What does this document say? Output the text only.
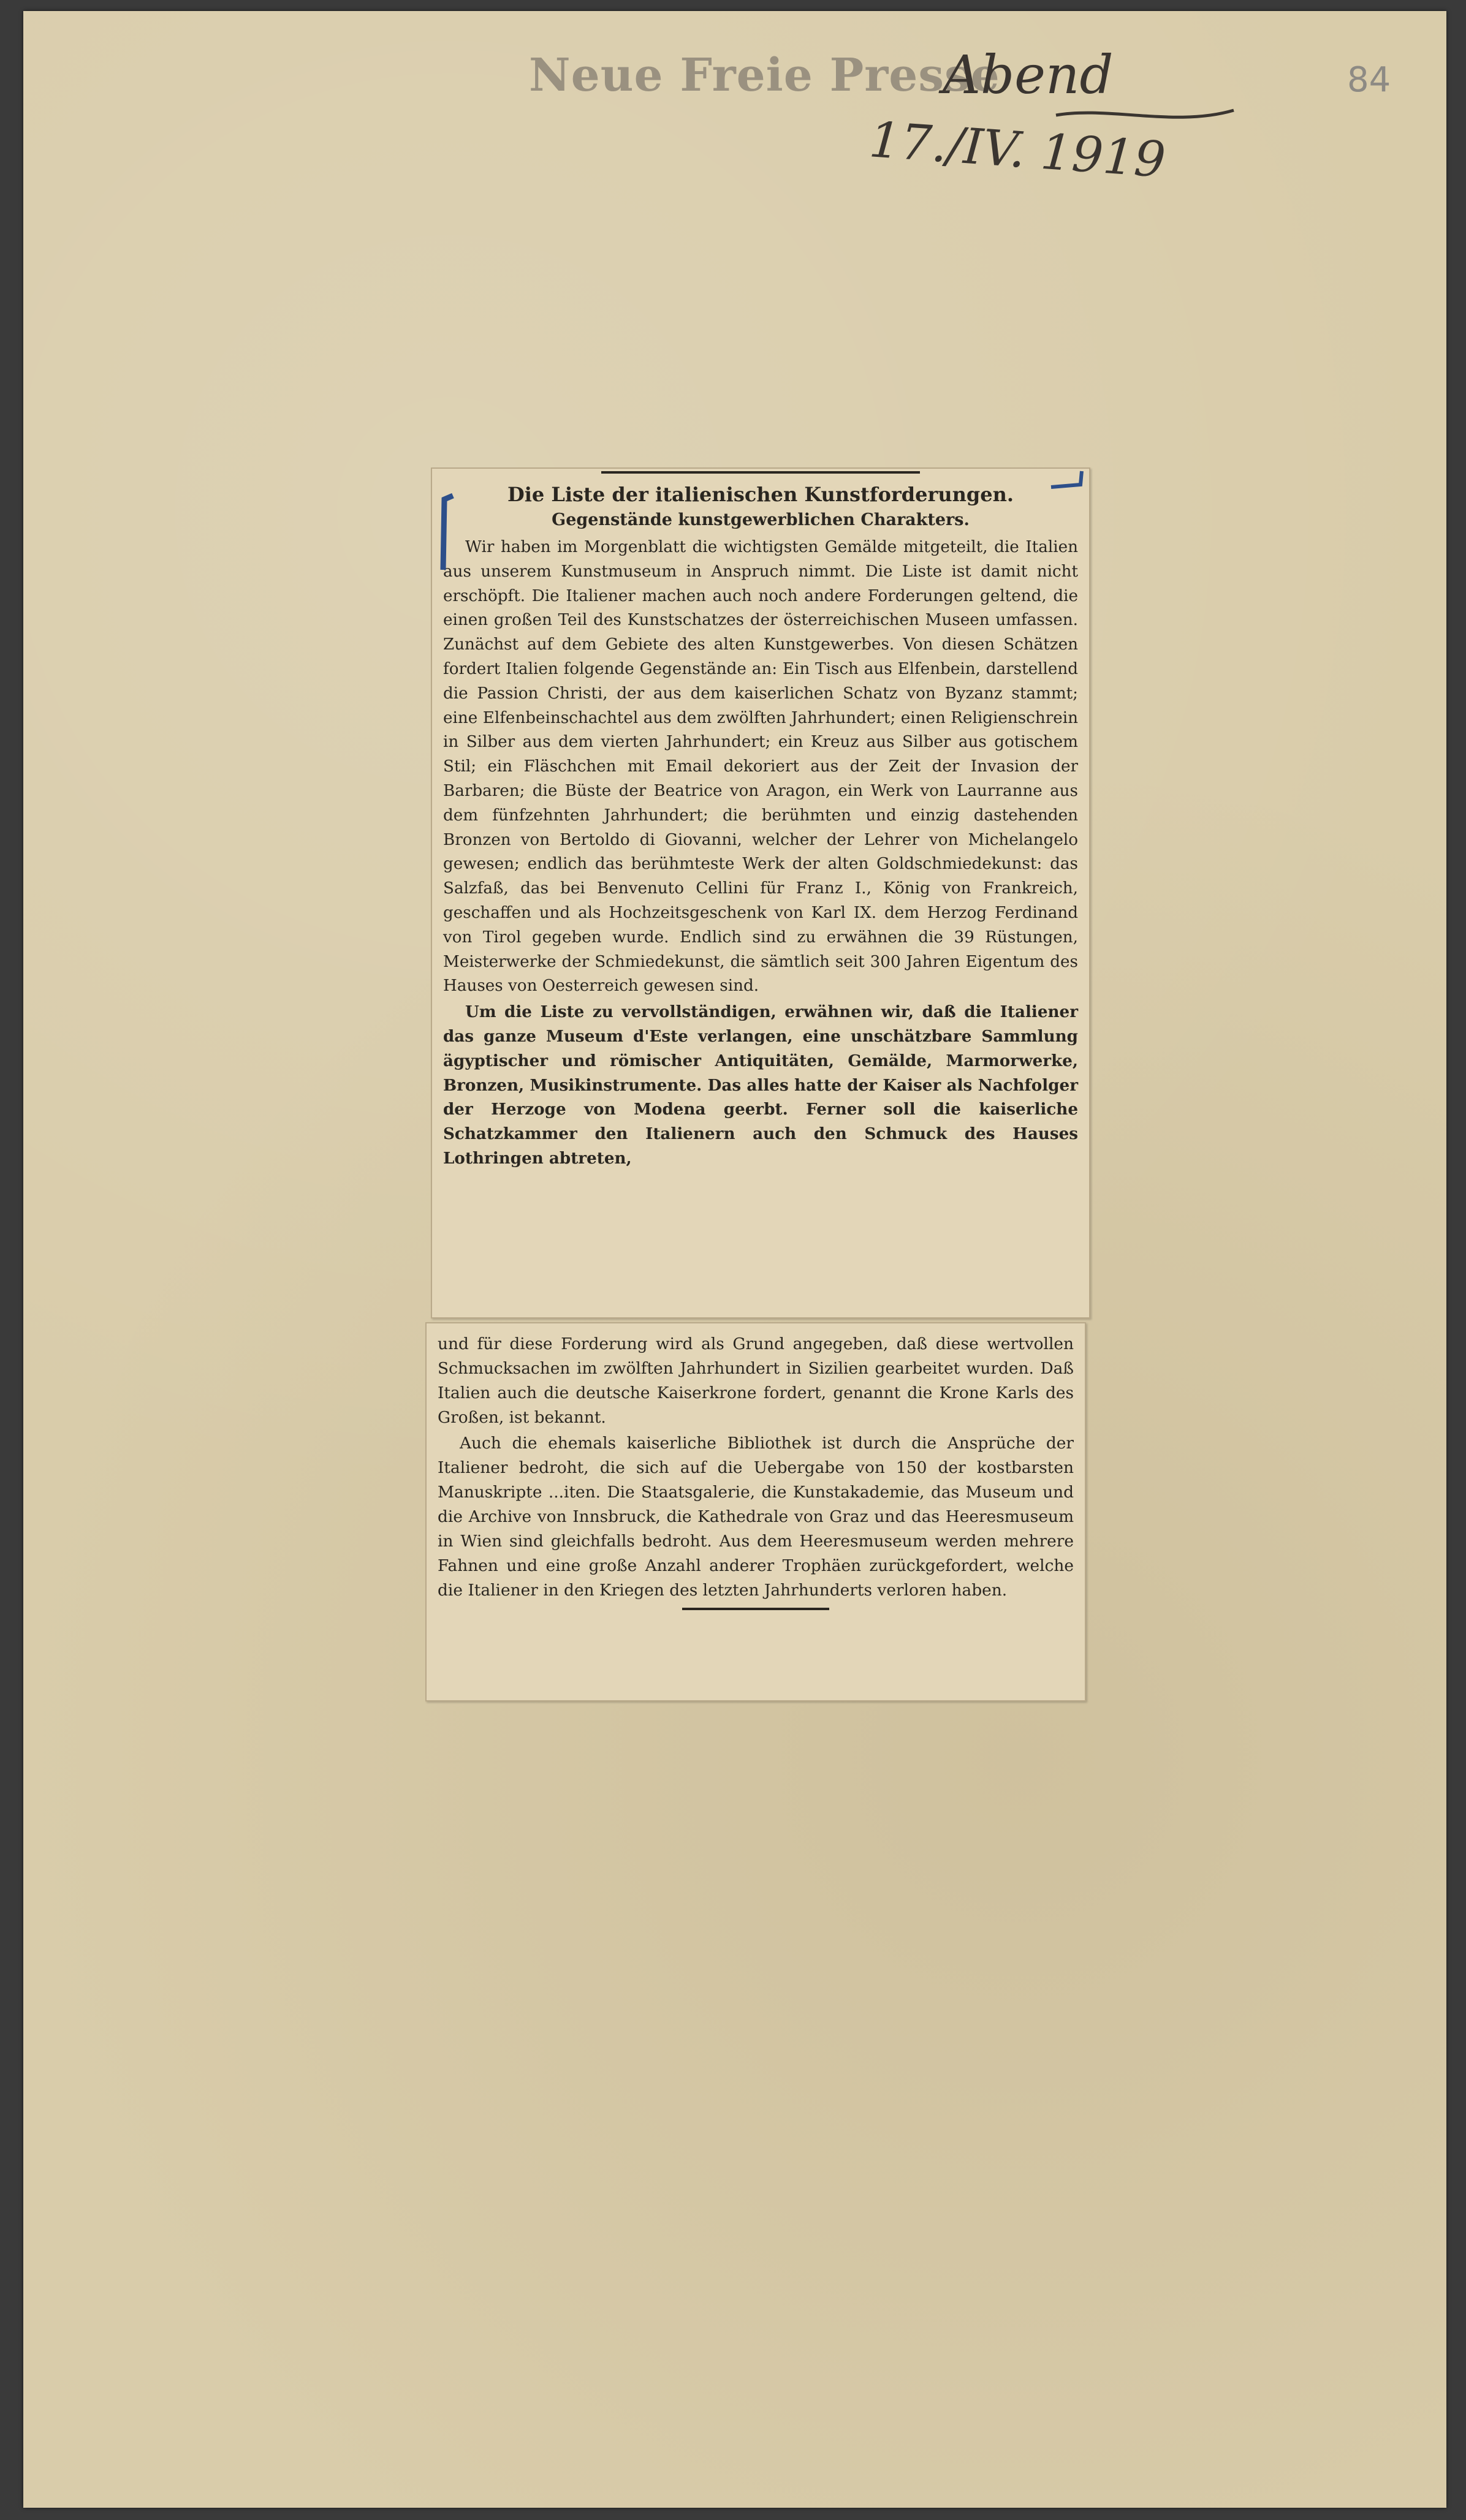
Neue Freie Presse
Abend
17./IV. 1919
84
Die Liste der italienischen Kunstforderungen.
Gegenstände kunstgewerblichen Charakters.

Wir haben im Morgenblatt die wichtigsten Gemälde mitgeteilt, die Italien aus unserem Kunstmuseum in Anspruch nimmt. Die Liste ist damit nicht erschöpft. Die Italiener machen auch noch andere Forderungen geltend, die einen großen Teil des Kunstschatzes der österreichischen Museen umfassen. Zunächst auf dem Gebiete des alten Kunstgewerbes. Von diesen Schätzen fordert Italien folgende Gegenstände an: Ein Tisch aus Elfenbein, darstellend die Passion Christi, der aus dem kaiserlichen Schatz von Byzanz stammt; eine Elfenbeinschachtel aus dem zwölften Jahrhundert; einen Religienschrein in Silber aus dem vierten Jahrhundert; ein Kreuz aus Silber aus gotischem Stil; ein Fläschchen mit Email dekoriert aus der Zeit der Invasion der Barbaren; die Büste der Beatrice von Aragon, ein Werk von Laurranne aus dem fünfzehnten Jahrhundert; die berühmten und einzig dastehenden Bronzen von Bertoldo di Giovanni, welcher der Lehrer von Michelangelo gewesen; endlich das berühmteste Werk der alten Goldschmiedekunst: das Salzfaß, das bei Benvenuto Cellini für Franz I., König von Frankreich, geschaffen und als Hochzeitsgeschenk von Karl IX. dem Herzog Ferdinand von Tirol gegeben wurde. Endlich sind zu erwähnen die 39 Rüstungen, Meisterwerke der Schmiedekunst, die sämtlich seit 300 Jahren Eigentum des Hauses von Oesterreich gewesen sind.

Um die Liste zu vervollständigen, erwähnen wir, daß die Italiener das ganze Museum d'Este verlangen, eine unschätzbare Sammlung ägyptischer und römischer Antiquitäten, Gemälde, Marmorwerke, Bronzen, Musikinstrumente. Das alles hatte der Kaiser als Nachfolger der Herzoge von Modena geerbt. Ferner soll die kaiserliche Schatzkammer den Italienern auch den Schmuck des Hauses Lothringen abtreten,

und für diese Forderung wird als Grund angegeben, daß diese wertvollen Schmucksachen im zwölften Jahrhundert in Sizilien gearbeitet wurden. Daß Italien auch die deutsche Kaiserkrone fordert, genannt die Krone Karls des Großen, ist bekannt.

Auch die ehemals kaiserliche Bibliothek ist durch die Ansprüche der Italiener bedroht, die sich auf die Uebergabe von 150 der kostbarsten Manuskripte ...iten. Die Staatsgalerie, die Kunstakademie, das Museum und die Archive von Innsbruck, die Kathedrale von Graz und das Heeresmuseum in Wien sind gleichfalls bedroht. Aus dem Heeresmuseum werden mehrere Fahnen und eine große Anzahl anderer Trophäen zurückgefordert, welche die Italiener in den Kriegen des letzten Jahrhunderts verloren haben.
